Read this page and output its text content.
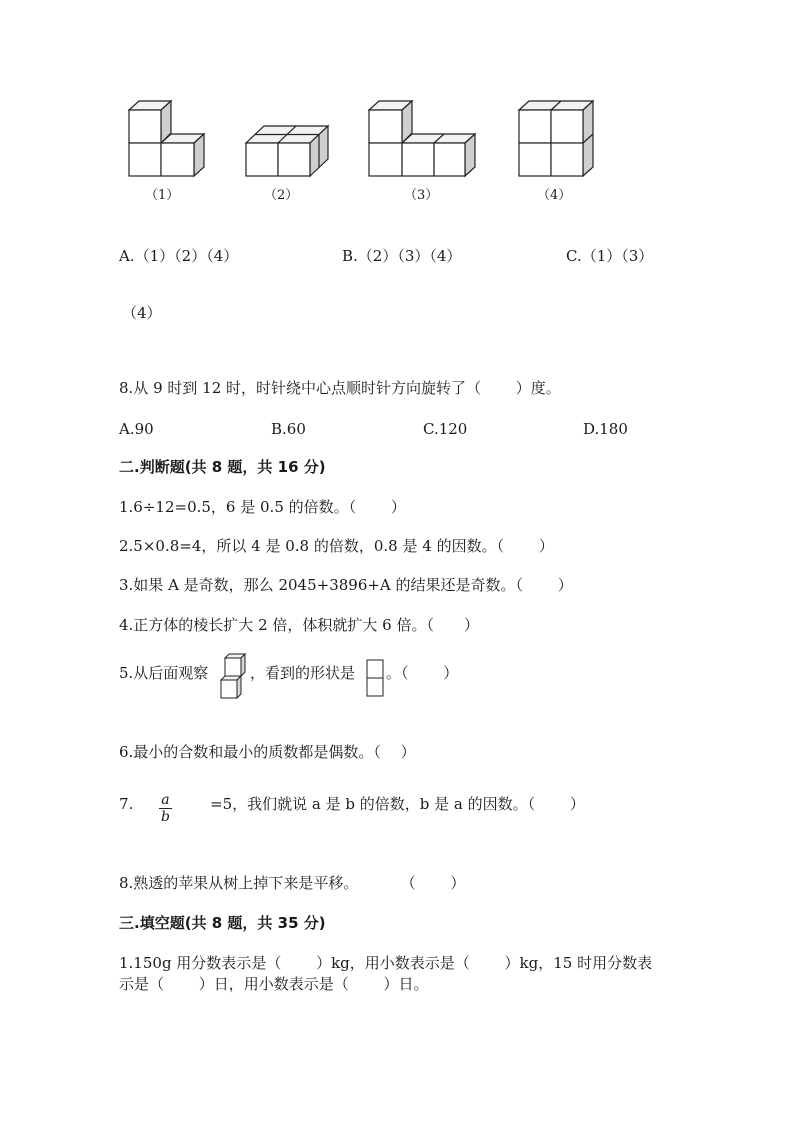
（1）	（2）	（3）	（4）
A.（1）（2）（4）	B.（2）（3）（4）	C.（1）（3）
（4）
8.从 9 时到 12 时，时针绕中心点顺时针方向旋转了（　　 ）度。
A.90	B.60	C.120	D.180
二.判断题(共 8 题，共 16 分)
1.6÷12=0.5，6 是 0.5 的倍数。（　　 ）
2.5×0.8=4，所以 4 是 0.8 的倍数，0.8 是 4 的因数。（　　 ）
3.如果 A 是奇数，那么 2045+3896+A 的结果还是奇数。（　　 ）
4.正方体的棱长扩大 2 倍，体积就扩大 6 倍。（　　）
5.从后面观察	，看到的形状是 。（　　 ）
6.最小的合数和最小的质数都是偶数。（　 ）
7. $\frac{a}{b}$	=5，我们就说 a 是 b 的倍数，b 是 a 的因数。（　　 ）
8.熟透的苹果从树上掉下来是平移。　　　 （　　 ）
三.填空题(共 8 题，共 35 分)
1.150g 用分数表示是（　　 ）kg，用小数表示是（　　 ）kg，15 时用分数表
示是（　　 ）日，用小数表示是（　　 ）日。
